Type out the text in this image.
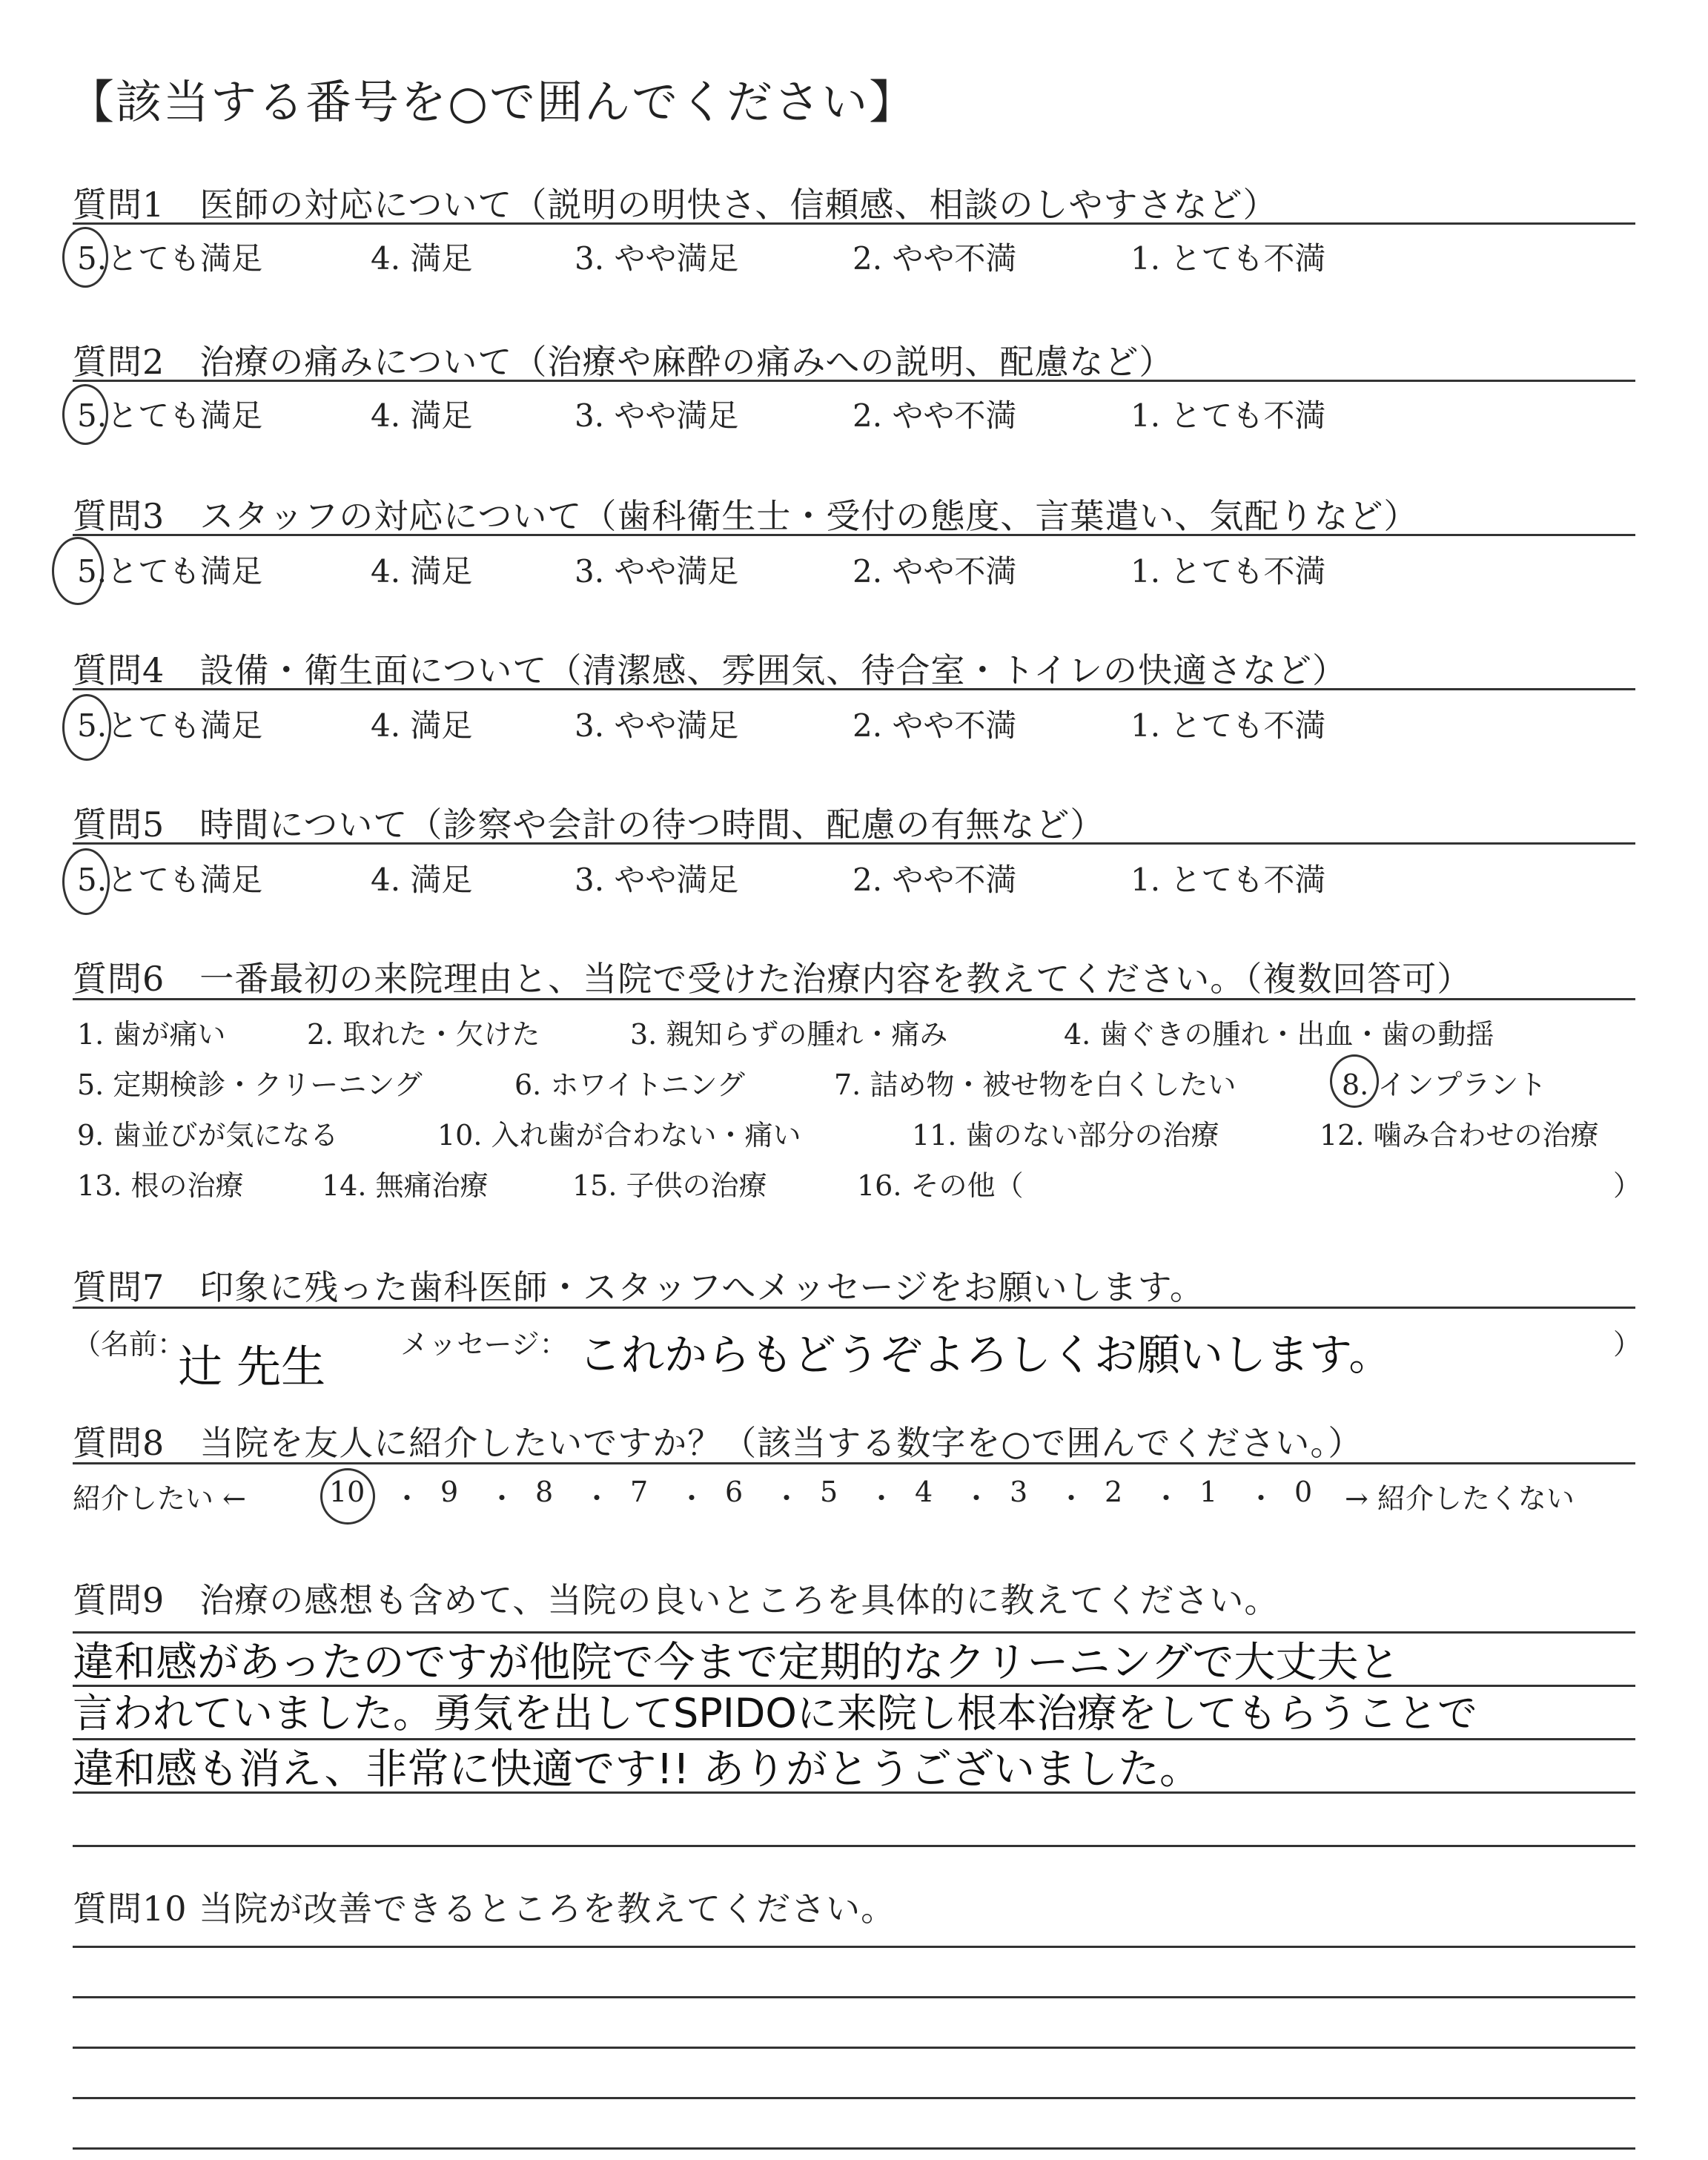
【該当する番号を○で囲んでください】
質問1　医師の対応について（説明の明快さ、信頼感、相談のしやすさなど）
5.とても満足	4. 満足	3. やや満足	2. やや不満	1. とても不満
質問2　治療の痛みについて（治療や麻酔の痛みへの説明、配慮など）
5.とても満足	4. 満足	3. やや満足	2. やや不満	1. とても不満
質問3　スタッフの対応について（歯科衛生士・受付の態度、言葉遣い、気配りなど）
5.とても満足	4. 満足	3. やや満足	2. やや不満	1. とても不満
質問4　設備・衛生面について（清潔感、雰囲気、待合室・トイレの快適さなど）
5.とても満足	4. 満足	3. やや満足	2. やや不満	1. とても不満
質問5　時間について（診察や会計の待つ時間、配慮の有無など）
5.とても満足	4. 満足	3. やや満足	2. やや不満	1. とても不満
質問6　一番最初の来院理由と、当院で受けた治療内容を教えてください。（複数回答可）
1. 歯が痛い	2. 取れた・欠けた	3. 親知らずの腫れ・痛み	4. 歯ぐきの腫れ・出血・歯の動揺
5. 定期検診・クリーニング	6. ホワイトニング	7. 詰め物・被せ物を白くしたい	8. インプラント
9. 歯並びが気になる	10. 入れ歯が合わない・痛い	11. 歯のない部分の治療	12. 噛み合わせの治療
13. 根の治療	14. 無痛治療	15. 子供の治療	16. その他（	）
質問7　印象に残った歯科医師・スタッフへメッセージをお願いします。
（名前：
辻 先生	メッセージ： これからもどうぞよろしくお願いします。	）
質問8　当院を友人に紹介したいですか？（該当する数字を○で囲んでください。）
紹介したい ←	10 ・ 9 ・ 8 ・ 7 ・ 6 ・ 5 ・ 4 ・ 3 ・ 2 ・ 1 ・ 0 → 紹介したくない
質問9　治療の感想も含めて、当院の良いところを具体的に教えてください。
違和感があったのですが他院で今まで定期的なクリーニングで大丈夫と
言われていました。勇気を出してSPIDOに来院し根本治療をしてもらうことで
違和感も消え、非常に快適です!! ありがとうございました。
質問10 当院が改善できるところを教えてください。
